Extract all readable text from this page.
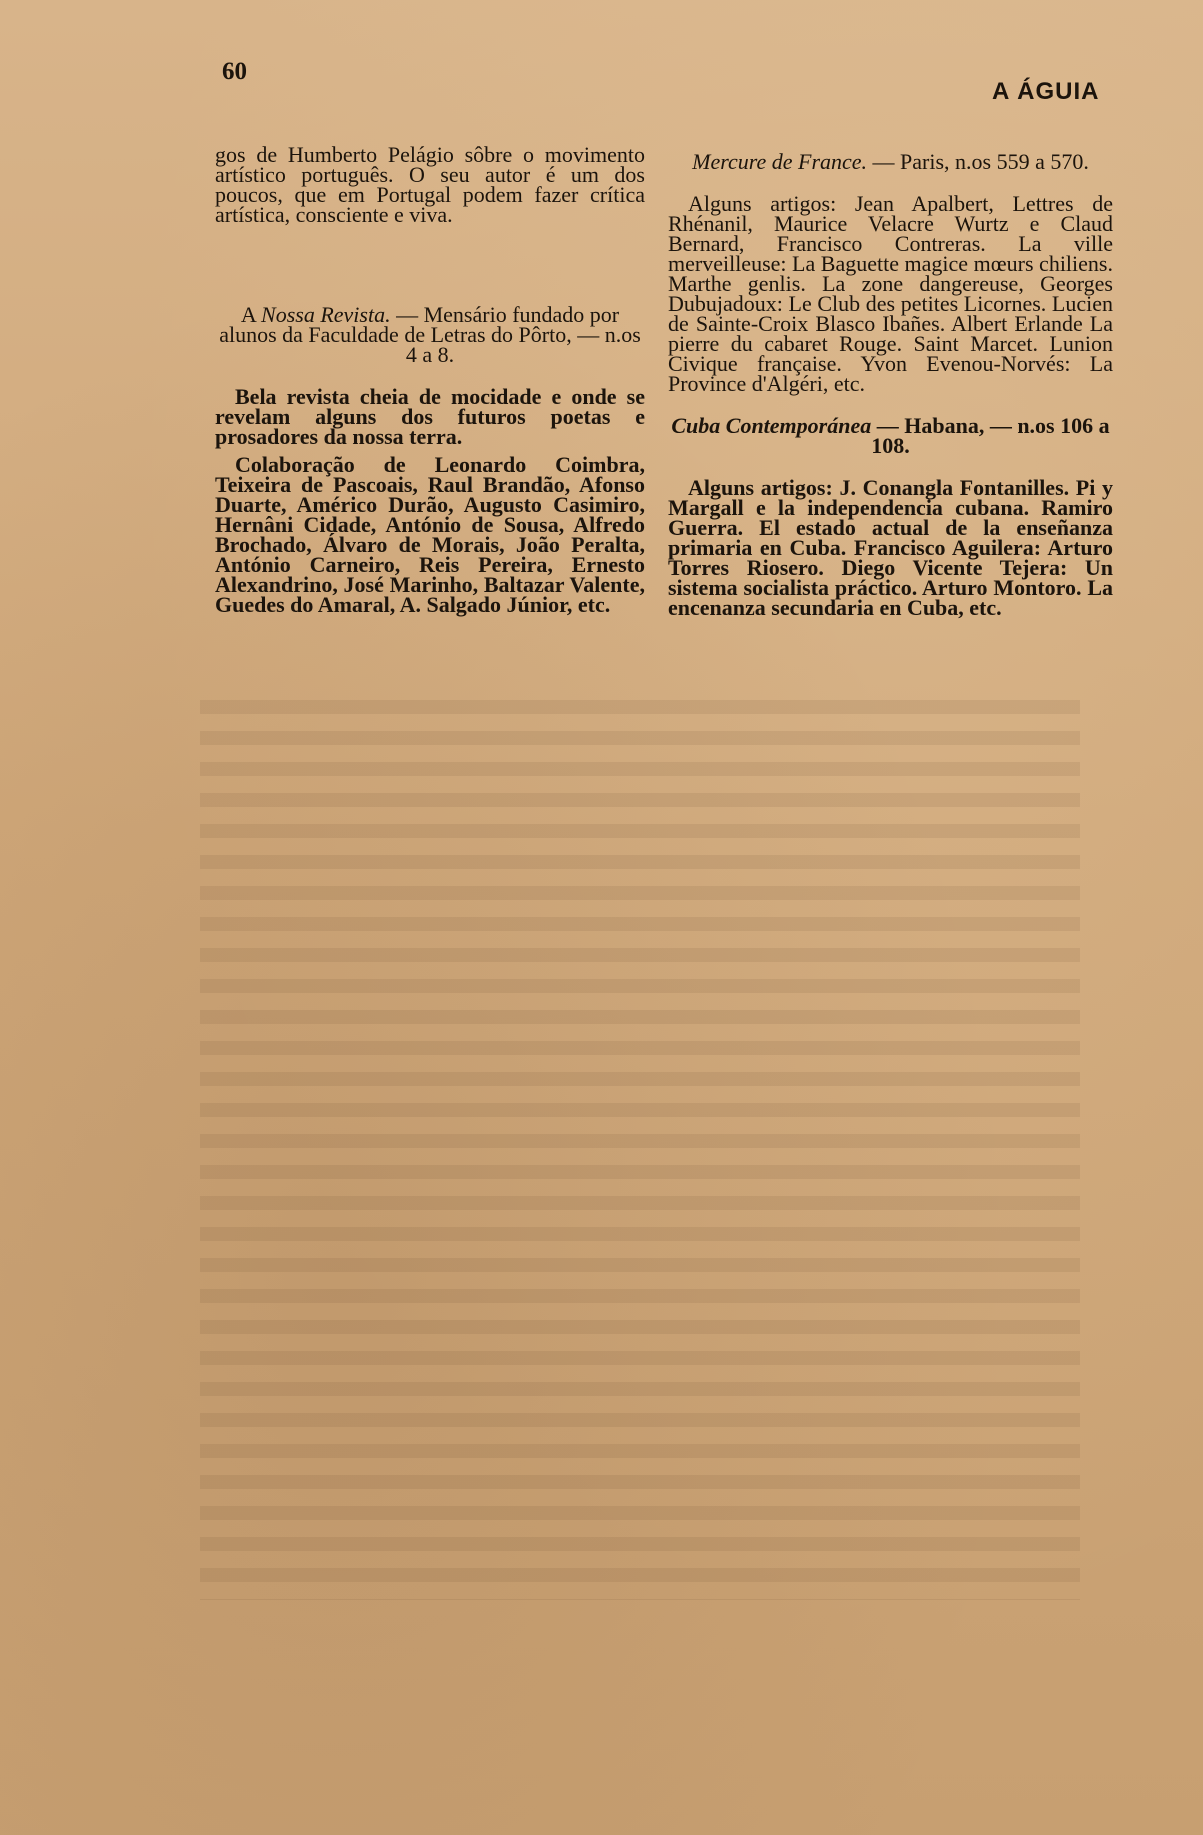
60
A ÁGUIA

gos de Humberto Pelágio sôbre o movimento artístico português. O seu autor é um dos poucos, que em Portugal podem fazer crítica artística, consciente e viva.

A Nossa Revista. — Mensário fundado por alunos da Faculdade de Letras do Pôrto, — n.os 4 a 8.

Bela revista cheia de mocidade e onde se revelam alguns dos futuros poetas e prosadores da nossa terra.

Colaboração de Leonardo Coimbra, Teixeira de Pascoais, Raul Brandão, Afonso Duarte, Américo Durão, Augusto Casimiro, Hernâni Cidade, António de Sousa, Alfredo Brochado, Álvaro de Morais, João Peralta, António Carneiro, Reis Pereira, Ernesto Alexandrino, José Marinho, Baltazar Valente, Guedes do Amaral, A. Salgado Júnior, etc.

Mercure de France. — Paris, n.os 559 a 570.

Alguns artigos: Jean Apalbert, Lettres de Rhénanil, Maurice Velacre Wurtz e Claud Bernard, Francisco Contreras. La ville merveilleuse: La Baguette magice mœurs chiliens. Marthe genlis. La zone dangereuse, Georges Dubujadoux: Le Club des petites Licornes. Lucien de Sainte-Croix Blasco Ibañes. Albert Erlande La pierre du cabaret Rouge. Saint Marcet. Lunion Civique française. Yvon Evenou-Norvés: La Province d'Algéri, etc.

Cuba Contemporánea — Habana, — n.os 106 a 108.

Alguns artigos: J. Conangla Fontanilles. Pi y Margall e la independencia cubana. Ramiro Guerra. El estado actual de la enseñanza primaria en Cuba. Francisco Aguilera: Arturo Torres Riosero. Diego Vicente Tejera: Un sistema socialista práctico. Arturo Montoro. La encenanza secundaria en Cuba, etc.
